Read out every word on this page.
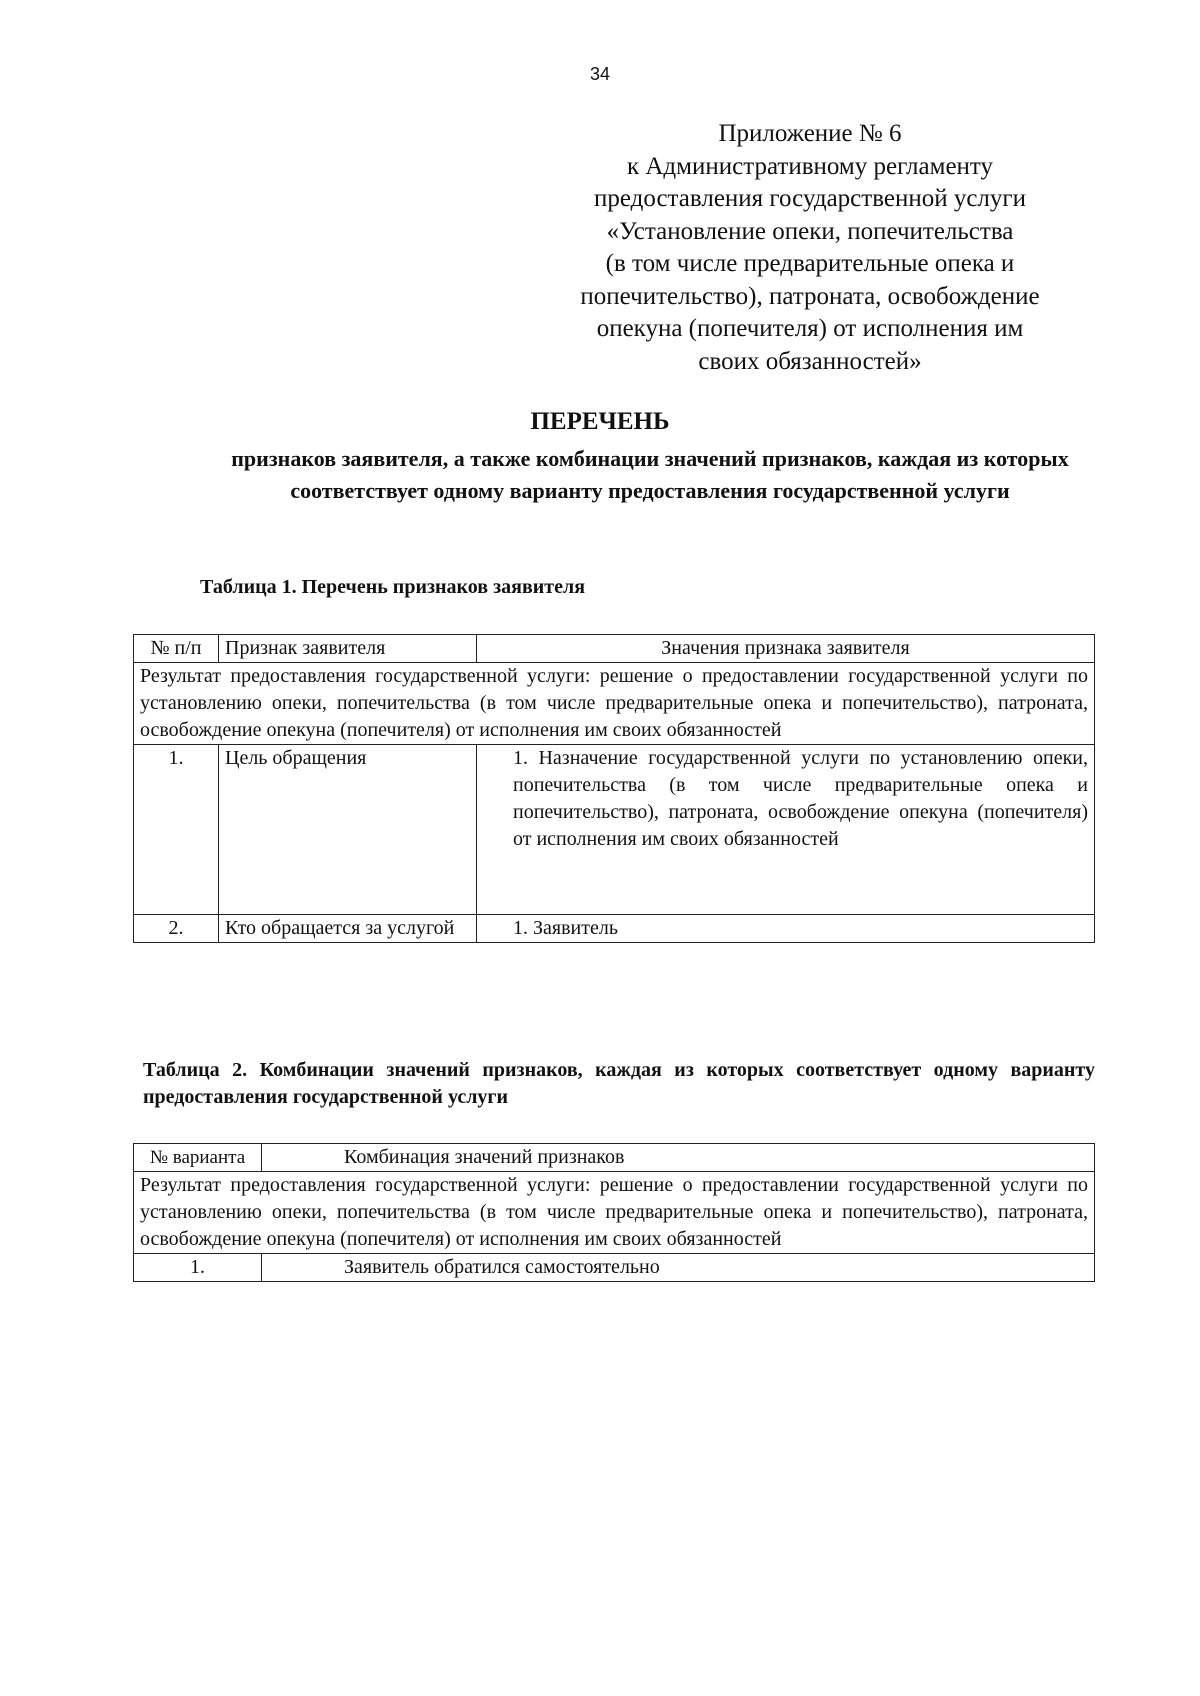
34
Приложение № 6
к Административному регламенту
предоставления государственной услуги
«Установление опеки, попечительства
(в том числе предварительные опека и
попечительство), патроната, освобождение
опекуна (попечителя) от исполнения им
своих обязанностей»
ПЕРЕЧЕНЬ
признаков заявителя, а также комбинации значений признаков, каждая из которых соответствует одному варианту предоставления государственной услуги
Таблица 1. Перечень признаков заявителя
№ п/п	Признак заявителя	Значения признака заявителя
Результат предоставления государственной услуги: решение о предоставлении государственной услуги по установлению опеки, попечительства (в том числе предварительные опека и попечительство), патроната, освобождение опекуна (попечителя) от исполнения им своих обязанностей		
1.	Цель обращения	1. Назначение государственной услуги по установлению опеки, попечительства (в том числе предварительные опека и попечительство), патроната, освобождение опекуна (попечителя) от исполнения им своих обязанностей
2.	Кто обращается за услугой	1. Заявитель
Таблица 2. Комбинации значений признаков, каждая из которых соответствует одному варианту предоставления государственной услуги
№ варианта	Комбинация значений признаков
Результат предоставления государственной услуги: решение о предоставлении государственной услуги по установлению опеки, попечительства (в том числе предварительные опека и попечительство), патроната, освобождение опекуна (попечителя) от исполнения им своих обязанностей	
1.	Заявитель обратился самостоятельно
